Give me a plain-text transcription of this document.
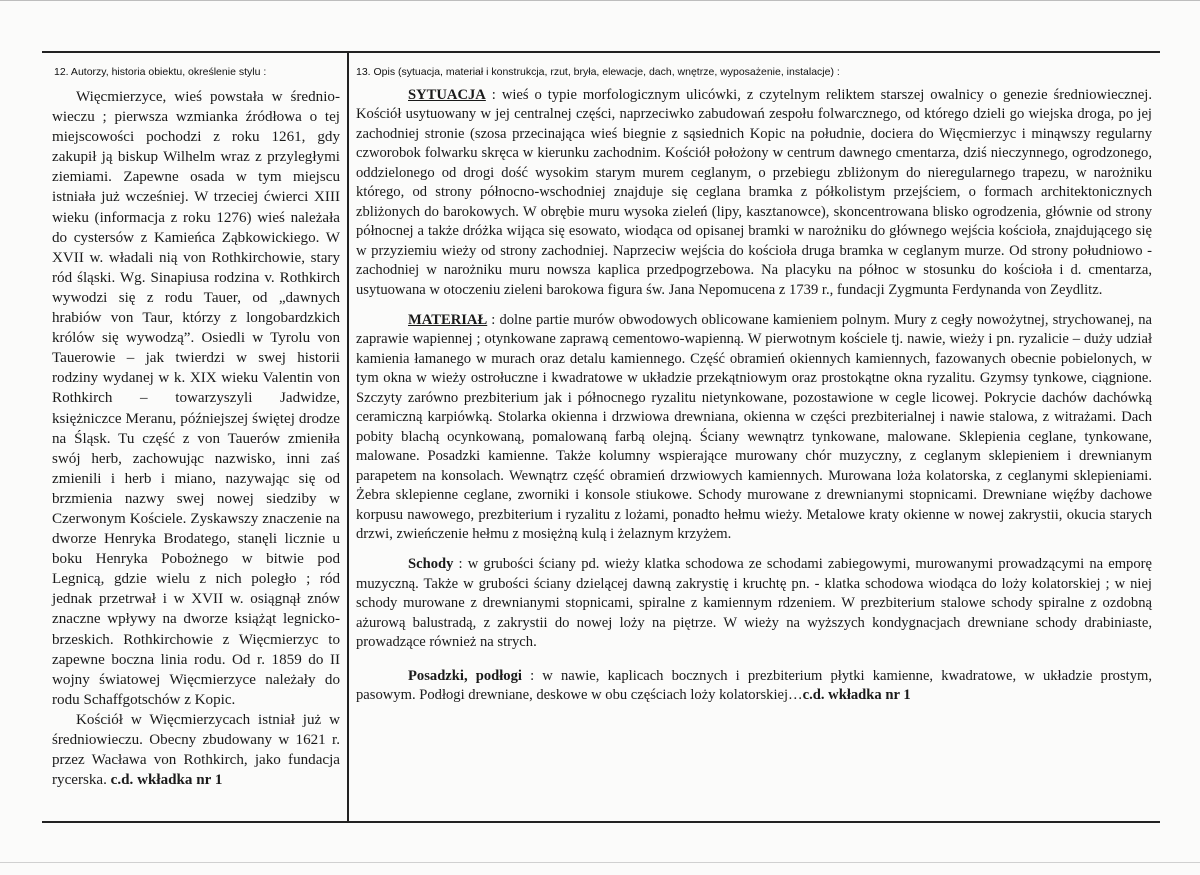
12. Autorzy, historia obiektu, określenie stylu :	13. Opis (sytuacja, materiał i konstrukcja, rzut, bryła, elewacje, dach, wnętrze, wyposażenie, instalacje) :

Więcmierzyce, wieś powstała w średniowieczu ; pierwsza wzmianka źródłowa o tej miejscowości pochodzi z roku 1261, gdy zakupił ją biskup Wilhelm wraz z przyległymi ziemiami. Zapewne osada w tym miejscu istniała już wcześniej. W trzeciej ćwierci XIII wieku (informacja z roku 1276) wieś należała do cystersów z Kamieńca Ząbkowickiego. W XVII w. władali nią von Rothkirchowie, stary ród śląski. Wg. Sinapiusa rodzina v. Rothkirch wywodzi się z rodu Tauer, od „dawnych hrabiów von Taur, którzy z longobardzkich królów się wywodzą”. Osiedli w Tyrolu von Tauerowie – jak twierdzi w swej historii rodziny wydanej w k. XIX wieku Valentin von Rothkirch – towarzyszyli Jadwidze, księżniczce Meranu, późniejszej świętej drodze na Śląsk. Tu część z von Tauerów zmieniła swój herb, zachowując nazwisko, inni zaś zmienili i herb i miano, nazywając się od brzmienia nazwy swej nowej siedziby w Czerwonym Kościele. Zyskawszy znaczenie na dworze Henryka Brodatego, stanęli licznie u boku Henryka Pobożnego w bitwie pod Legnicą, gdzie wielu z nich poległo ; ród jednak przetrwał i w XVII w. osiągnął znów znaczne wpływy na dworze książąt legnicko-brzeskich. Rothkirchowie z Więcmierzyc to zapewne boczna linia rodu. Od r. 1859 do II wojny światowej Więcmierzyce należały do rodu Schaffgotschów z Kopic.

Kościół w Więcmierzycach istniał już w średniowieczu. Obecny zbudowany w 1621 r. przez Wacława von Rothkirch, jako fundacja rycerska. c.d. wkładka nr 1

SYTUACJA : wieś o typie morfologicznym ulicówki, z czytelnym reliktem starszej owalnicy o genezie średniowiecznej. Kościół usytuowany w jej centralnej części, naprzeciwko zabudowań zespołu folwarcznego, od którego dzieli go wiejska droga, po jej zachodniej stronie (szosa przecinająca wieś biegnie z sąsiednich Kopic na południe, dociera do Więcmierzyc i minąwszy regularny czworobok folwarku skręca w kierunku zachodnim. Kościół położony w centrum dawnego cmentarza, dziś nieczynnego, ogrodzonego, oddzielonego od drogi dość wysokim starym murem ceglanym, o przebiegu zbliżonym do nieregularnego trapezu, w narożniku którego, od strony północno-wschodniej znajduje się ceglana bramka z półkolistym przejściem, o formach architektonicznych zbliżonych do barokowych. W obrębie muru wysoka zieleń (lipy, kasztanowce), skoncentrowana blisko ogrodzenia, głównie od strony północnej a także dróżka wijąca się esowato, wiodąca od opisanej bramki w narożniku do głównego wejścia kościoła, znajdującego się w przyziemiu wieży od strony zachodniej. Naprzeciw wejścia do kościoła druga bramka w ceglanym murze. Od strony południowo - zachodniej w narożniku muru nowsza kaplica przedpogrzebowa. Na placyku na północ w stosunku do kościoła i d. cmentarza, usytuowana w otoczeniu zieleni barokowa figura św. Jana Nepomucena z 1739 r., fundacji Zygmunta Ferdynanda von Zeydlitz.

MATERIAŁ : dolne partie murów obwodowych oblicowane kamieniem polnym. Mury z cegły nowożytnej, strychowanej, na zaprawie wapiennej ; otynkowane zaprawą cementowo-wapienną. W pierwotnym kościele tj. nawie, wieży i pn. ryzalicie – duży udział kamienia łamanego w murach oraz detalu kamiennego. Część obramień okiennych kamiennych, fazowanych obecnie pobielonych, w tym okna w wieży ostrołuczne i kwadratowe w układzie przekątniowym oraz prostokątne okna ryzalitu. Gzymsy tynkowe, ciągnione. Szczyty zarówno prezbiterium jak i północnego ryzalitu nietynkowane, pozostawione w cegle licowej. Pokrycie dachów dachówką ceramiczną karpiówką. Stolarka okienna i drzwiowa drewniana, okienna w części prezbiterialnej i nawie stalowa, z witrażami. Dach pobity blachą ocynkowaną, pomalowaną farbą olejną. Ściany wewnątrz tynkowane, malowane. Sklepienia ceglane, tynkowane, malowane. Posadzki kamienne. Także kolumny wspierające murowany chór muzyczny, z ceglanym sklepieniem i drewnianym parapetem na konsolach. Wewnątrz część obramień drzwiowych kamiennych. Murowana loża kolatorska, z ceglanymi sklepieniami. Żebra sklepienne ceglane, zworniki i konsole stiukowe. Schody murowane z drewnianymi stopnicami. Drewniane więźby dachowe korpusu nawowego, prezbiterium i ryzalitu z lożami, ponadto hełmu wieży. Metalowe kraty okienne w nowej zakrystii, okucia starych drzwi, zwieńczenie hełmu z mosiężną kulą i żelaznym krzyżem.

Schody : w grubości ściany pd. wieży klatka schodowa ze schodami zabiegowymi, murowanymi prowadzącymi na emporę muzyczną. Także w grubości ściany dzielącej dawną zakrystię i kruchtę pn. - klatka schodowa wiodąca do loży kolatorskiej ; w niej schody murowane z drewnianymi stopnicami, spiralne z kamiennym rdzeniem. W prezbiterium stalowe schody spiralne z ozdobną ażurową balustradą, z zakrystii do nowej loży na piętrze. W wieży na wyższych kondygnacjach drewniane schody drabiniaste, prowadzące również na strych.

Posadzki, podłogi : w nawie, kaplicach bocznych i prezbiterium płytki kamienne, kwadratowe, w układzie prostym, pasowym. Podłogi drewniane, deskowe w obu częściach loży kolatorskiej…c.d. wkładka nr 1
